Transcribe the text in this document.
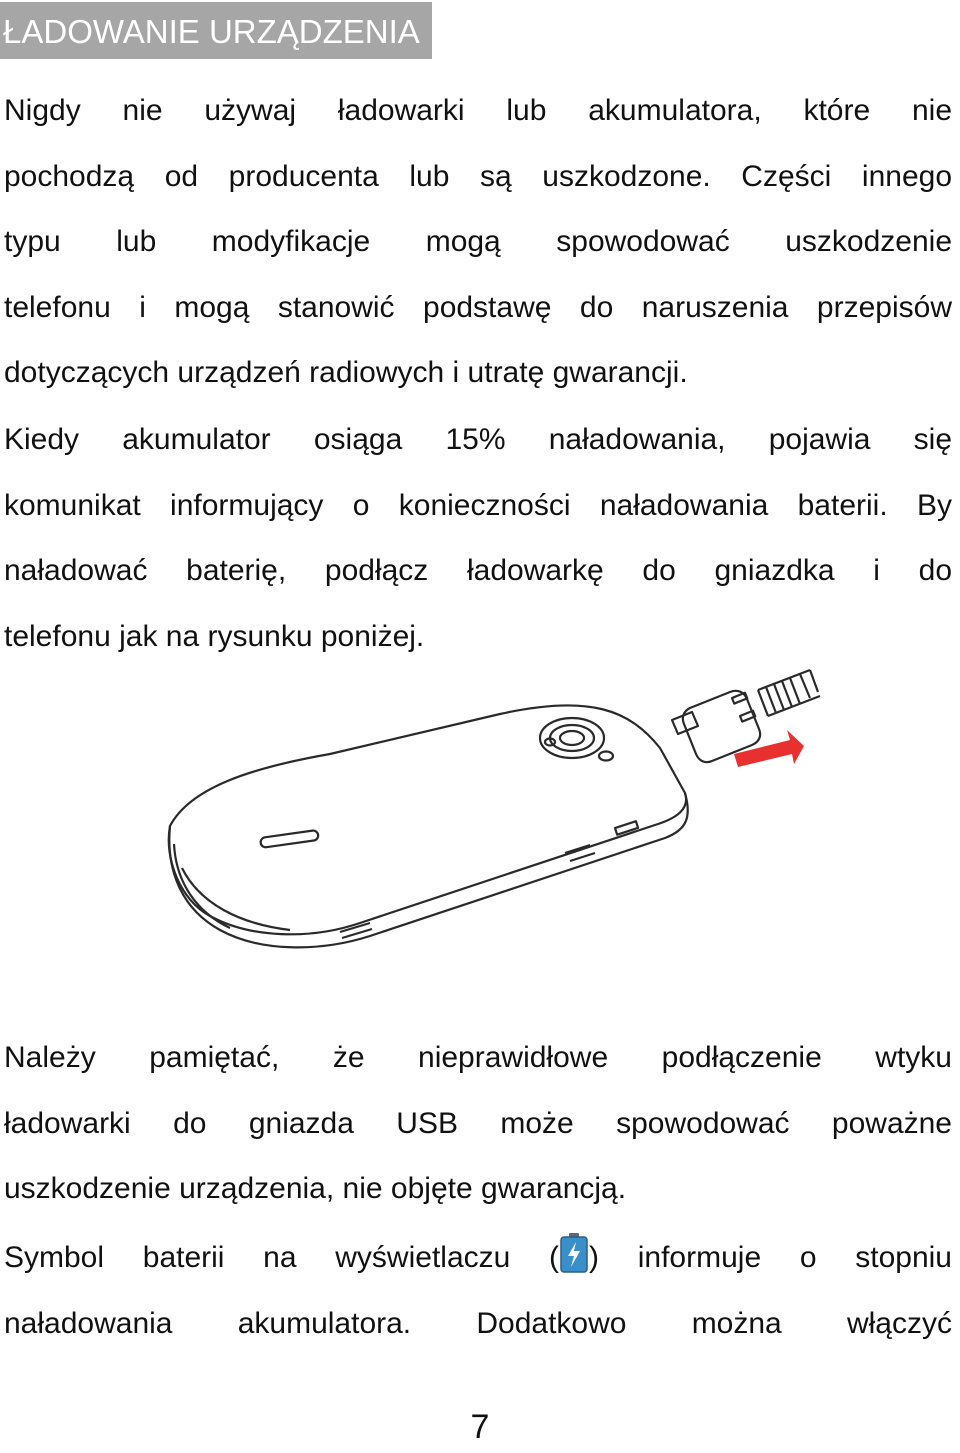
ŁADOWANIE URZĄDZENIA

Nigdy nie używaj ładowarki lub akumulatora, które nie
pochodzą od producenta lub są uszkodzone. Części innego
typu lub modyfikacje mogą spowodować uszkodzenie
telefonu i mogą stanowić podstawę do naruszenia przepisów
dotyczących urządzeń radiowych i utratę gwarancji.

Kiedy akumulator osiąga 15% naładowania, pojawia się
komunikat informujący o konieczności naładowania baterii. By
naładować baterię, podłącz ładowarkę do gniazdka i do
telefonu jak na rysunku poniżej.

Należy pamiętać, że nieprawidłowe podłączenie wtyku
ładowarki do gniazda USB może spowodować poważne
uszkodzenie urządzenia, nie objęte gwarancją.

Symbol baterii na wyświetlaczu ( ) informuje o stopniu
naładowania akumulatora. Dodatkowo można włączyć

7
